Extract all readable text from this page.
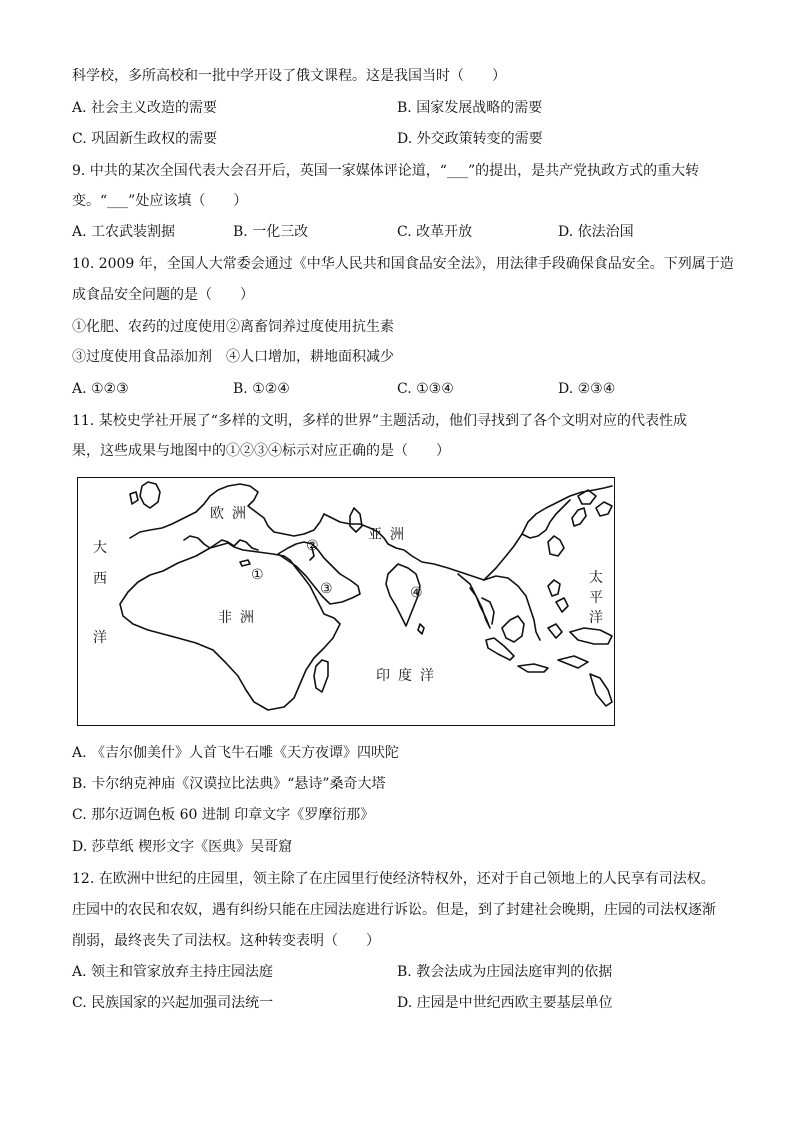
科学校，多所高校和一批中学开设了俄文课程。这是我国当时（　　）
A. 社会主义改造的需要	B. 国家发展战略的需要
C. 巩固新生政权的需要	D. 外交政策转变的需要
9. 中共的某次全国代表大会召开后，英国一家媒体评论道，“___”的提出，是共产党执政方式的重大转
变。“___”处应该填（　　）
A. 工农武装割据	B. 一化三改	C. 改革开放	D. 依法治国
10. 2009 年，全国人大常委会通过《中华人民共和国食品安全法》，用法律手段确保食品安全。下列属于造
成食品安全问题的是（　　）
①化肥、农药的过度使用②离畜饲养过度使用抗生素
③过度使用食品添加剂　④人口增加，耕地面积减少
A. ①②③	B. ①②④	C. ①③④	D. ②③④
11. 某校史学社开展了“多样的文明，多样的世界”主题活动，他们寻找到了各个文明对应的代表性成
果，这些成果与地图中的①②③④标示对应正确的是（　　）
欧洲
亚洲
非洲
印度洋
大
西
洋
太
平
洋
①
②
③	④
A. 《吉尔伽美什》人首飞牛石雕《天方夜谭》四吠陀
B. 卡尔纳克神庙《汉谟拉比法典》“悬诗”桑奇大塔
C. 那尔迈调色板 60 进制 印章文字《罗摩衍那》
D. 莎草纸 楔形文字《医典》吴哥窟
12. 在欧洲中世纪的庄园里，领主除了在庄园里行使经济特权外，还对于自己领地上的人民享有司法权。
庄园中的农民和农奴，遇有纠纷只能在庄园法庭进行诉讼。但是，到了封建社会晚期，庄园的司法权逐渐
削弱，最终丧失了司法权。这种转变表明（　　）
A. 领主和管家放弃主持庄园法庭	B. 教会法成为庄园法庭审判的依据
C. 民族国家的兴起加强司法统一	D. 庄园是中世纪西欧主要基层单位
